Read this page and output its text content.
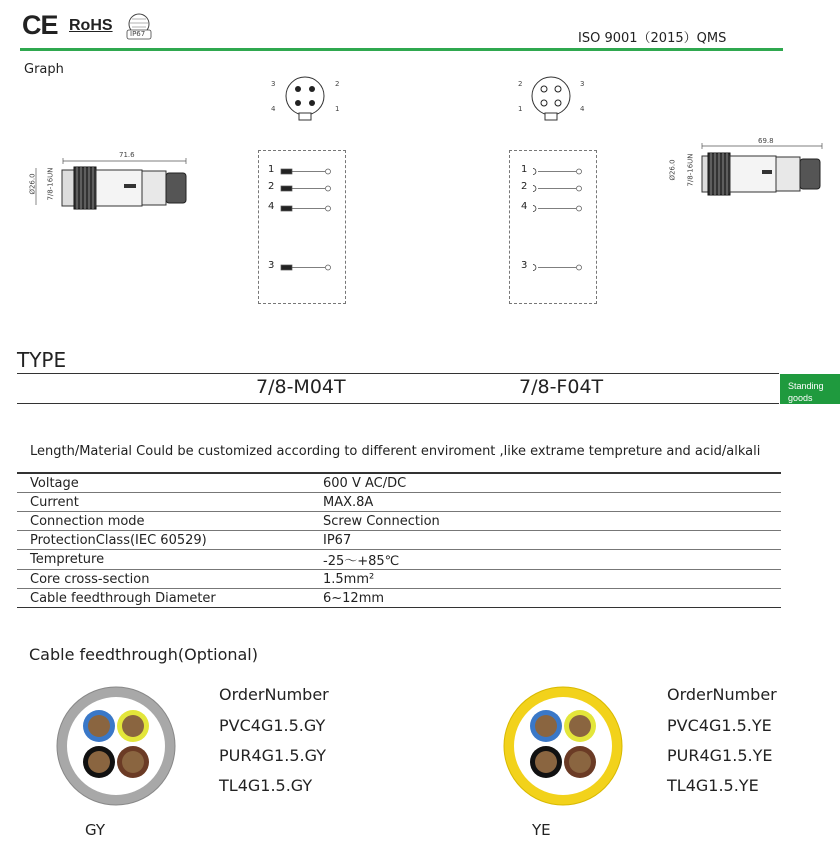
CE RoHS IP67	ISO 9001（2015）QMS
Graph
3	2
4	1
2	3
1	4
71.6
Ø26.0 7/8-16UN
69.8
Ø26.0 7/8-16UN
1
2
4
3
1
2
4
3
TYPE
7/8-M04T	7/8-F04T	Standing goods
Length/Material Could be customized according to different enviroment ,like extrame tempreture and acid/alkali
Voltage	600 V AC/DC
Current	MAX.8A
Connection mode	Screw Connection
ProtectionClass(IEC 60529)	IP67
Tempreture	-25～+85℃
Core cross-section	1.5mm²
Cable feedthrough Diameter	6~12mm
Cable feedthrough(Optional)
GY
OrderNumber
PVC4G1.5.GY
PUR4G1.5.GY
TL4G1.5.GY
YE
OrderNumber
PVC4G1.5.YE
PUR4G1.5.YE
TL4G1.5.YE
